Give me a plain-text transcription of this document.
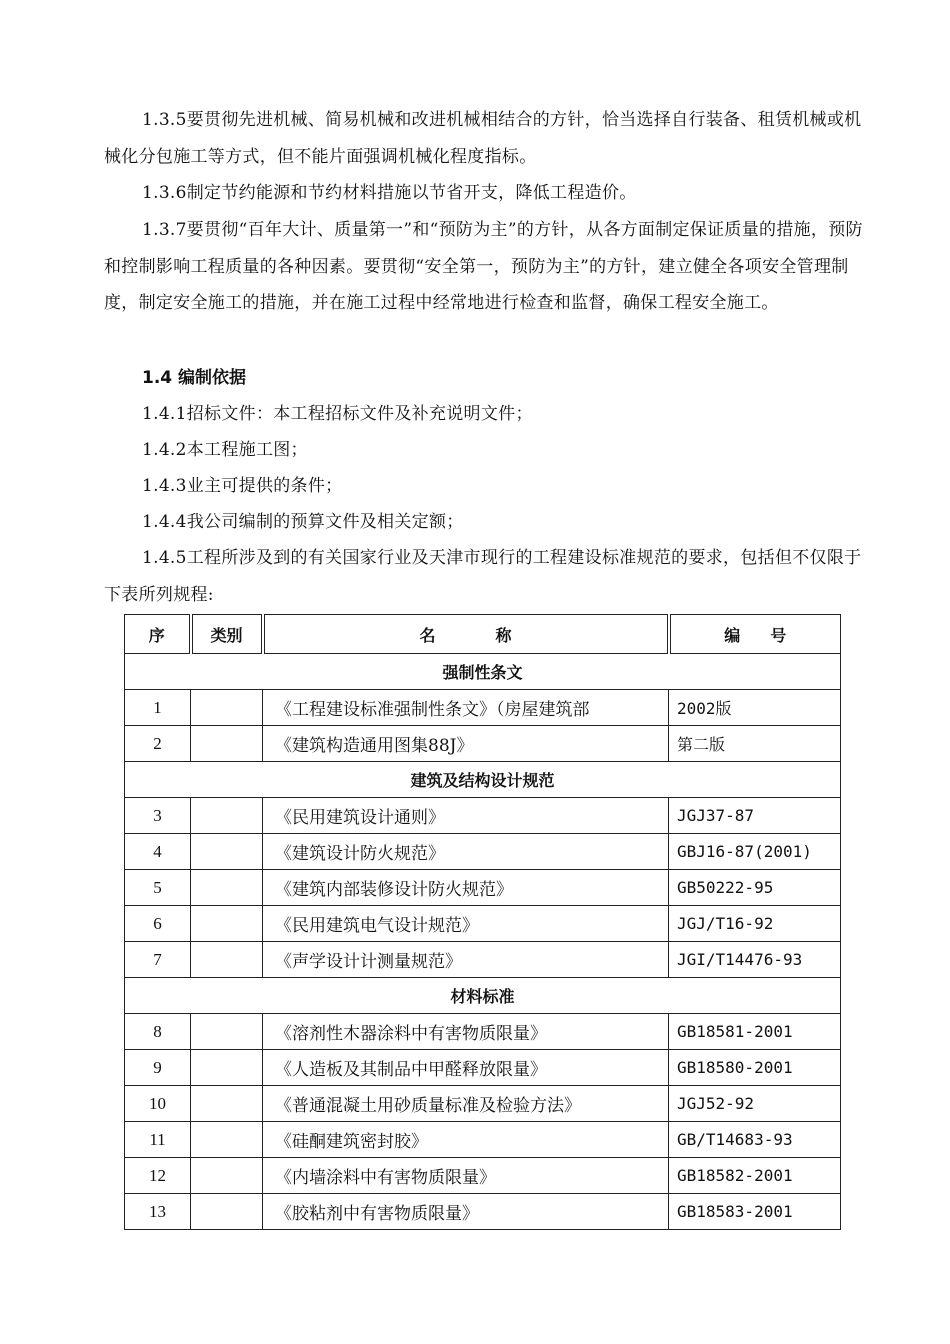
1.3.5要贯彻先进机械、简易机械和改进机械相结合的方针，恰当选择自行装备、租赁机械或机械化分包施工等方式，但不能片面强调机械化程度指标。

1.3.6制定节约能源和节约材料措施以节省开支，降低工程造价。

1.3.7要贯彻“百年大计、质量第一”和“预防为主”的方针，从各方面制定保证质量的措施，预防和控制影响工程质量的各种因素。要贯彻“安全第一，预防为主”的方针，建立健全各项安全管理制度，制定安全施工的措施，并在施工过程中经常地进行检查和监督，确保工程安全施工。

1.4 编制依据

1.4.1招标文件：本工程招标文件及补充说明文件；

1.4.2本工程施工图；

1.4.3业主可提供的条件；

1.4.4我公司编制的预算文件及相关定额；

1.4.5工程所涉及到的有关国家行业及天津市现行的工程建设标准规范的要求，包括但不仅限于下表所列规程:

序	类别	名称	编号
强制性条文			
1		《工程建设标准强制性条文》（房屋建筑部	2002版
2		《建筑构造通用图集88J》	第二版
建筑及结构设计规范			
3		《民用建筑设计通则》	JGJ37-87
4		《建筑设计防火规范》	GBJ16-87(2001)
5		《建筑内部装修设计防火规范》	GB50222-95
6		《民用建筑电气设计规范》	JGJ/T16-92
7		《声学设计计测量规范》	JGI/T14476-93
材料标准			
8		《溶剂性木器涂料中有害物质限量》	GB18581-2001
9		《人造板及其制品中甲醛释放限量》	GB18580-2001
10		《普通混凝土用砂质量标准及检验方法》	JGJ52-92
11		《硅酮建筑密封胶》	GB/T14683-93
12		《内墙涂料中有害物质限量》	GB18582-2001
13		《胶粘剂中有害物质限量》	GB18583-2001
